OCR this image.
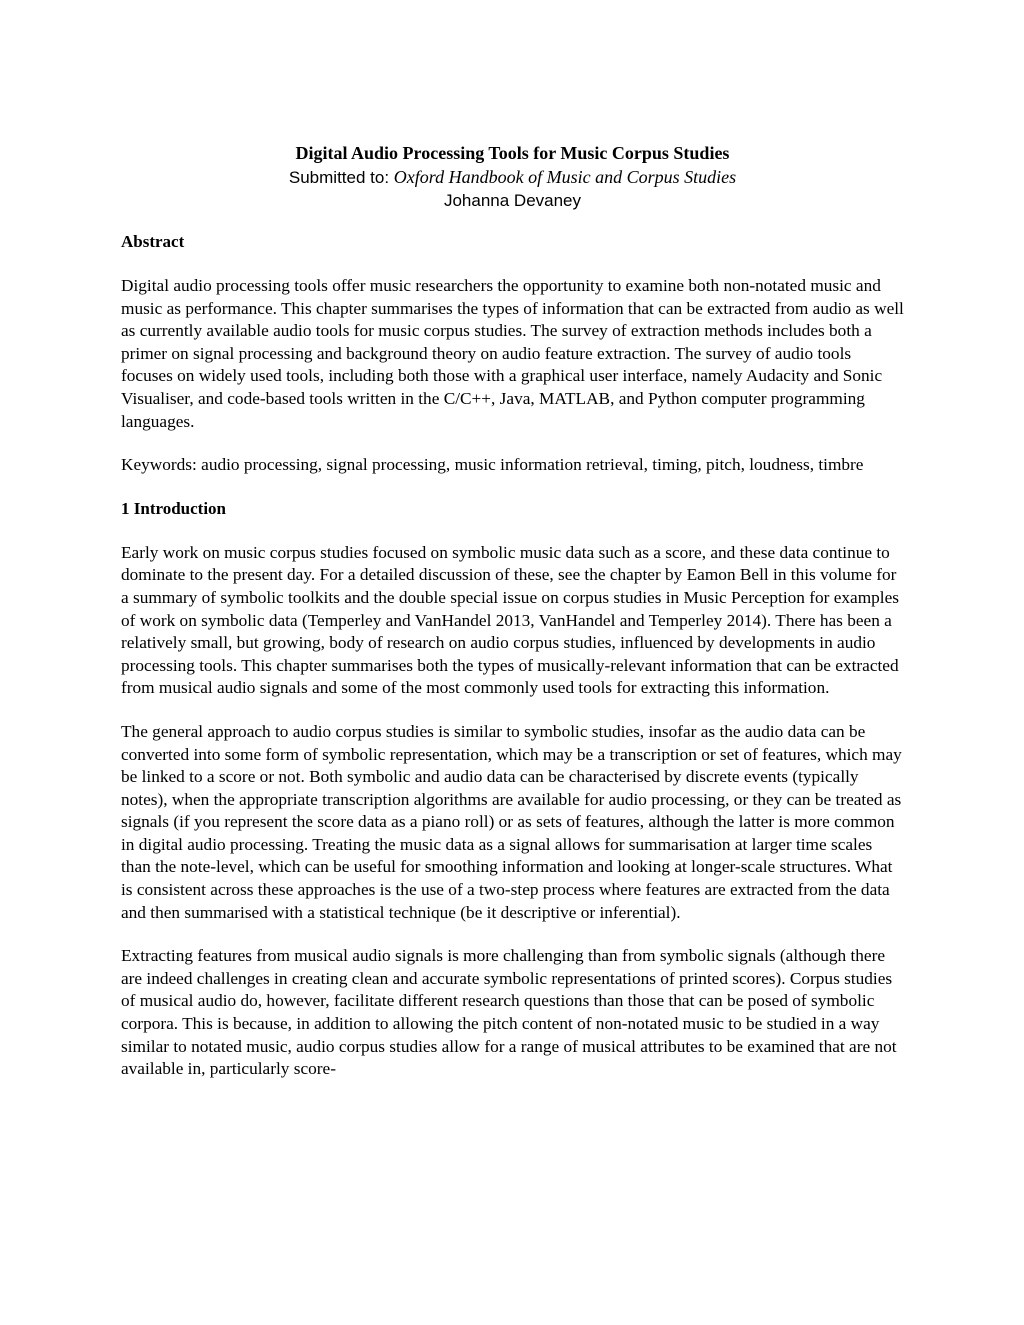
Digital Audio Processing Tools for Music Corpus Studies

Submitted to: Oxford Handbook of Music and Corpus Studies

Johanna Devaney

Abstract

Digital audio processing tools offer music researchers the opportunity to examine both non-notated music and music as performance. This chapter summarises the types of information that can be extracted from audio as well as currently available audio tools for music corpus studies. The survey of extraction methods includes both a primer on signal processing and background theory on audio feature extraction. The survey of audio tools focuses on widely used tools, including both those with a graphical user interface, namely Audacity and Sonic Visualiser, and code-based tools written in the C/C++, Java, MATLAB, and Python computer programming languages.

Keywords: audio processing, signal processing, music information retrieval, timing, pitch, loudness, timbre

1 Introduction

Early work on music corpus studies focused on symbolic music data such as a score, and these data continue to dominate to the present day. For a detailed discussion of these, see the chapter by Eamon Bell in this volume for a summary of symbolic toolkits and the double special issue on corpus studies in Music Perception for examples of work on symbolic data (Temperley and VanHandel 2013, VanHandel and Temperley 2014). There has been a relatively small, but growing, body of research on audio corpus studies, influenced by developments in audio processing tools. This chapter summarises both the types of musically-relevant information that can be extracted from musical audio signals and some of the most commonly used tools for extracting this information.

The general approach to audio corpus studies is similar to symbolic studies, insofar as the audio data can be converted into some form of symbolic representation, which may be a transcription or set of features, which may be linked to a score or not. Both symbolic and audio data can be characterised by discrete events (typically notes), when the appropriate transcription algorithms are available for audio processing, or they can be treated as signals (if you represent the score data as a piano roll) or as sets of features, although the latter is more common in digital audio processing. Treating the music data as a signal allows for summarisation at larger time scales than the note-level, which can be useful for smoothing information and looking at longer-scale structures. What is consistent across these approaches is the use of a two-step process where features are extracted from the data and then summarised with a statistical technique (be it descriptive or inferential).

Extracting features from musical audio signals is more challenging than from symbolic signals (although there are indeed challenges in creating clean and accurate symbolic representations of printed scores). Corpus studies of musical audio do, however, facilitate different research questions than those that can be posed of symbolic corpora. This is because, in addition to allowing the pitch content of non-notated music to be studied in a way similar to notated music, audio corpus studies allow for a range of musical attributes to be examined that are not available in, particularly score-
